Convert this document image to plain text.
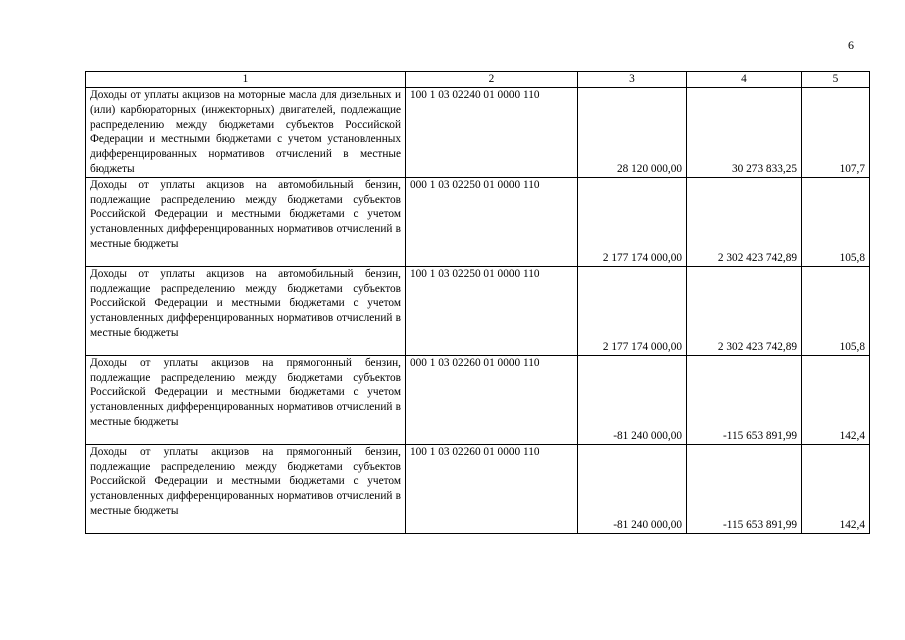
6
1	2	3	4	5
Доходы от уплаты акцизов на моторные масла для дизельных и (или) карбюраторных (инжекторных) двигателей, подлежащие распределению между бюджетами субъектов Российской Федерации и местными бюджетами с учетом установленных дифференцированных нормативов отчислений в местные бюджеты	100 1 03 02240 01 0000 110	28 120 000,00	30 273 833,25	107,7
Доходы от уплаты акцизов на автомобильный бензин, подлежащие распределению между бюджетами субъектов Российской Федерации и местными бюджетами с учетом установленных дифференцированных нормативов отчислений в местные бюджеты	000 1 03 02250 01 0000 110	2 177 174 000,00	2 302 423 742,89	105,8
Доходы от уплаты акцизов на автомобильный бензин, подлежащие распределению между бюджетами субъектов Российской Федерации и местными бюджетами с учетом установленных дифференцированных нормативов отчислений в местные бюджеты	100 1 03 02250 01 0000 110	2 177 174 000,00	2 302 423 742,89	105,8
Доходы от уплаты акцизов на прямогонный бензин, подлежащие распределению между бюджетами субъектов Российской Федерации и местными бюджетами с учетом установленных дифференцированных нормативов отчислений в местные бюджеты	000 1 03 02260 01 0000 110	-81 240 000,00	-115 653 891,99	142,4
Доходы от уплаты акцизов на прямогонный бензин, подлежащие распределению между бюджетами субъектов Российской Федерации и местными бюджетами с учетом установленных дифференцированных нормативов отчислений в местные бюджеты	100 1 03 02260 01 0000 110	-81 240 000,00	-115 653 891,99	142,4
